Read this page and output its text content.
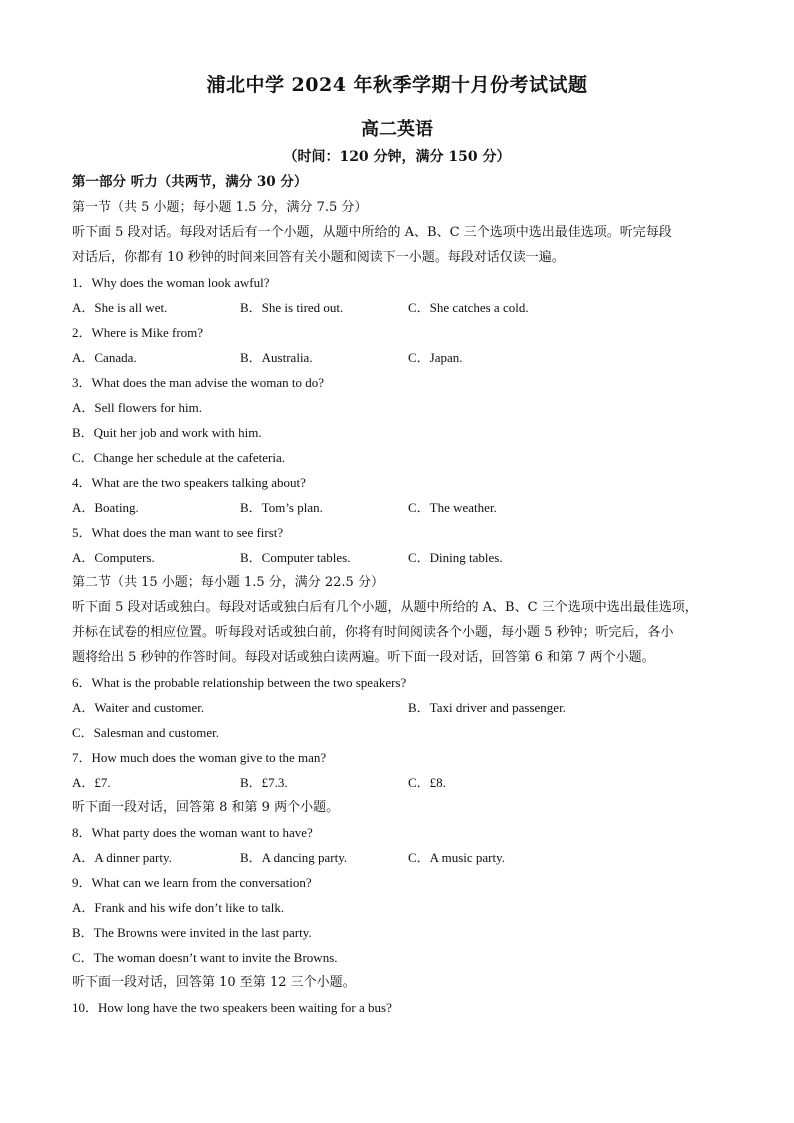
浦北中学 2024 年秋季学期十月份考试试题
高二英语
（时间：120 分钟，满分 150 分）
第一部分 听力（共两节，满分 30 分）
第一节（共 5 小题；每小题 1.5 分，满分 7.5 分）
听下面 5 段对话。每段对话后有一个小题，从题中所给的 A、B、C 三个选项中选出最佳选项。听完每段
对话后，你都有 10 秒钟的时间来回答有关小题和阅读下一小题。每段对话仅读一遍。
1．Why does the woman look awful?
A．She is all wet.	B．She is tired out.	C．She catches a cold.
2．Where is Mike from?
A．Canada.	B．Australia.	C．Japan.
3．What does the man advise the woman to do?
A．Sell flowers for him.
B．Quit her job and work with him.
C．Change her schedule at the cafeteria.
4．What are the two speakers talking about?
A．Boating.	B．Tom’s plan.	C．The weather.
5．What does the man want to see first?
A．Computers.	B．Computer tables.	C．Dining tables.
第二节（共 15 小题；每小题 1.5 分，满分 22.5 分）
听下面 5 段对话或独白。每段对话或独白后有几个小题，从题中所给的 A、B、C 三个选项中选出最佳选项，
并标在试卷的相应位置。听每段对话或独白前，你将有时间阅读各个小题，每小题 5 秒钟；听完后，各小
题将给出 5 秒钟的作答时间。每段对话或独白读两遍。听下面一段对话，回答第 6 和第 7 两个小题。
6．What is the probable relationship between the two speakers?
A．Waiter and customer.	B．Taxi driver and passenger.
C．Salesman and customer.
7．How much does the woman give to the man?
A．£7.	B．£7.3.	C．£8.
听下面一段对话，回答第 8 和第 9 两个小题。
8．What party does the woman want to have?
A．A dinner party.	B．A dancing party.	C．A music party.
9．What can we learn from the conversation?
A．Frank and his wife don’t like to talk.
B．The Browns were invited in the last party.
C．The woman doesn’t want to invite the Browns.
听下面一段对话，回答第 10 至第 12 三个小题。
10．How long have the two speakers been waiting for a bus?
